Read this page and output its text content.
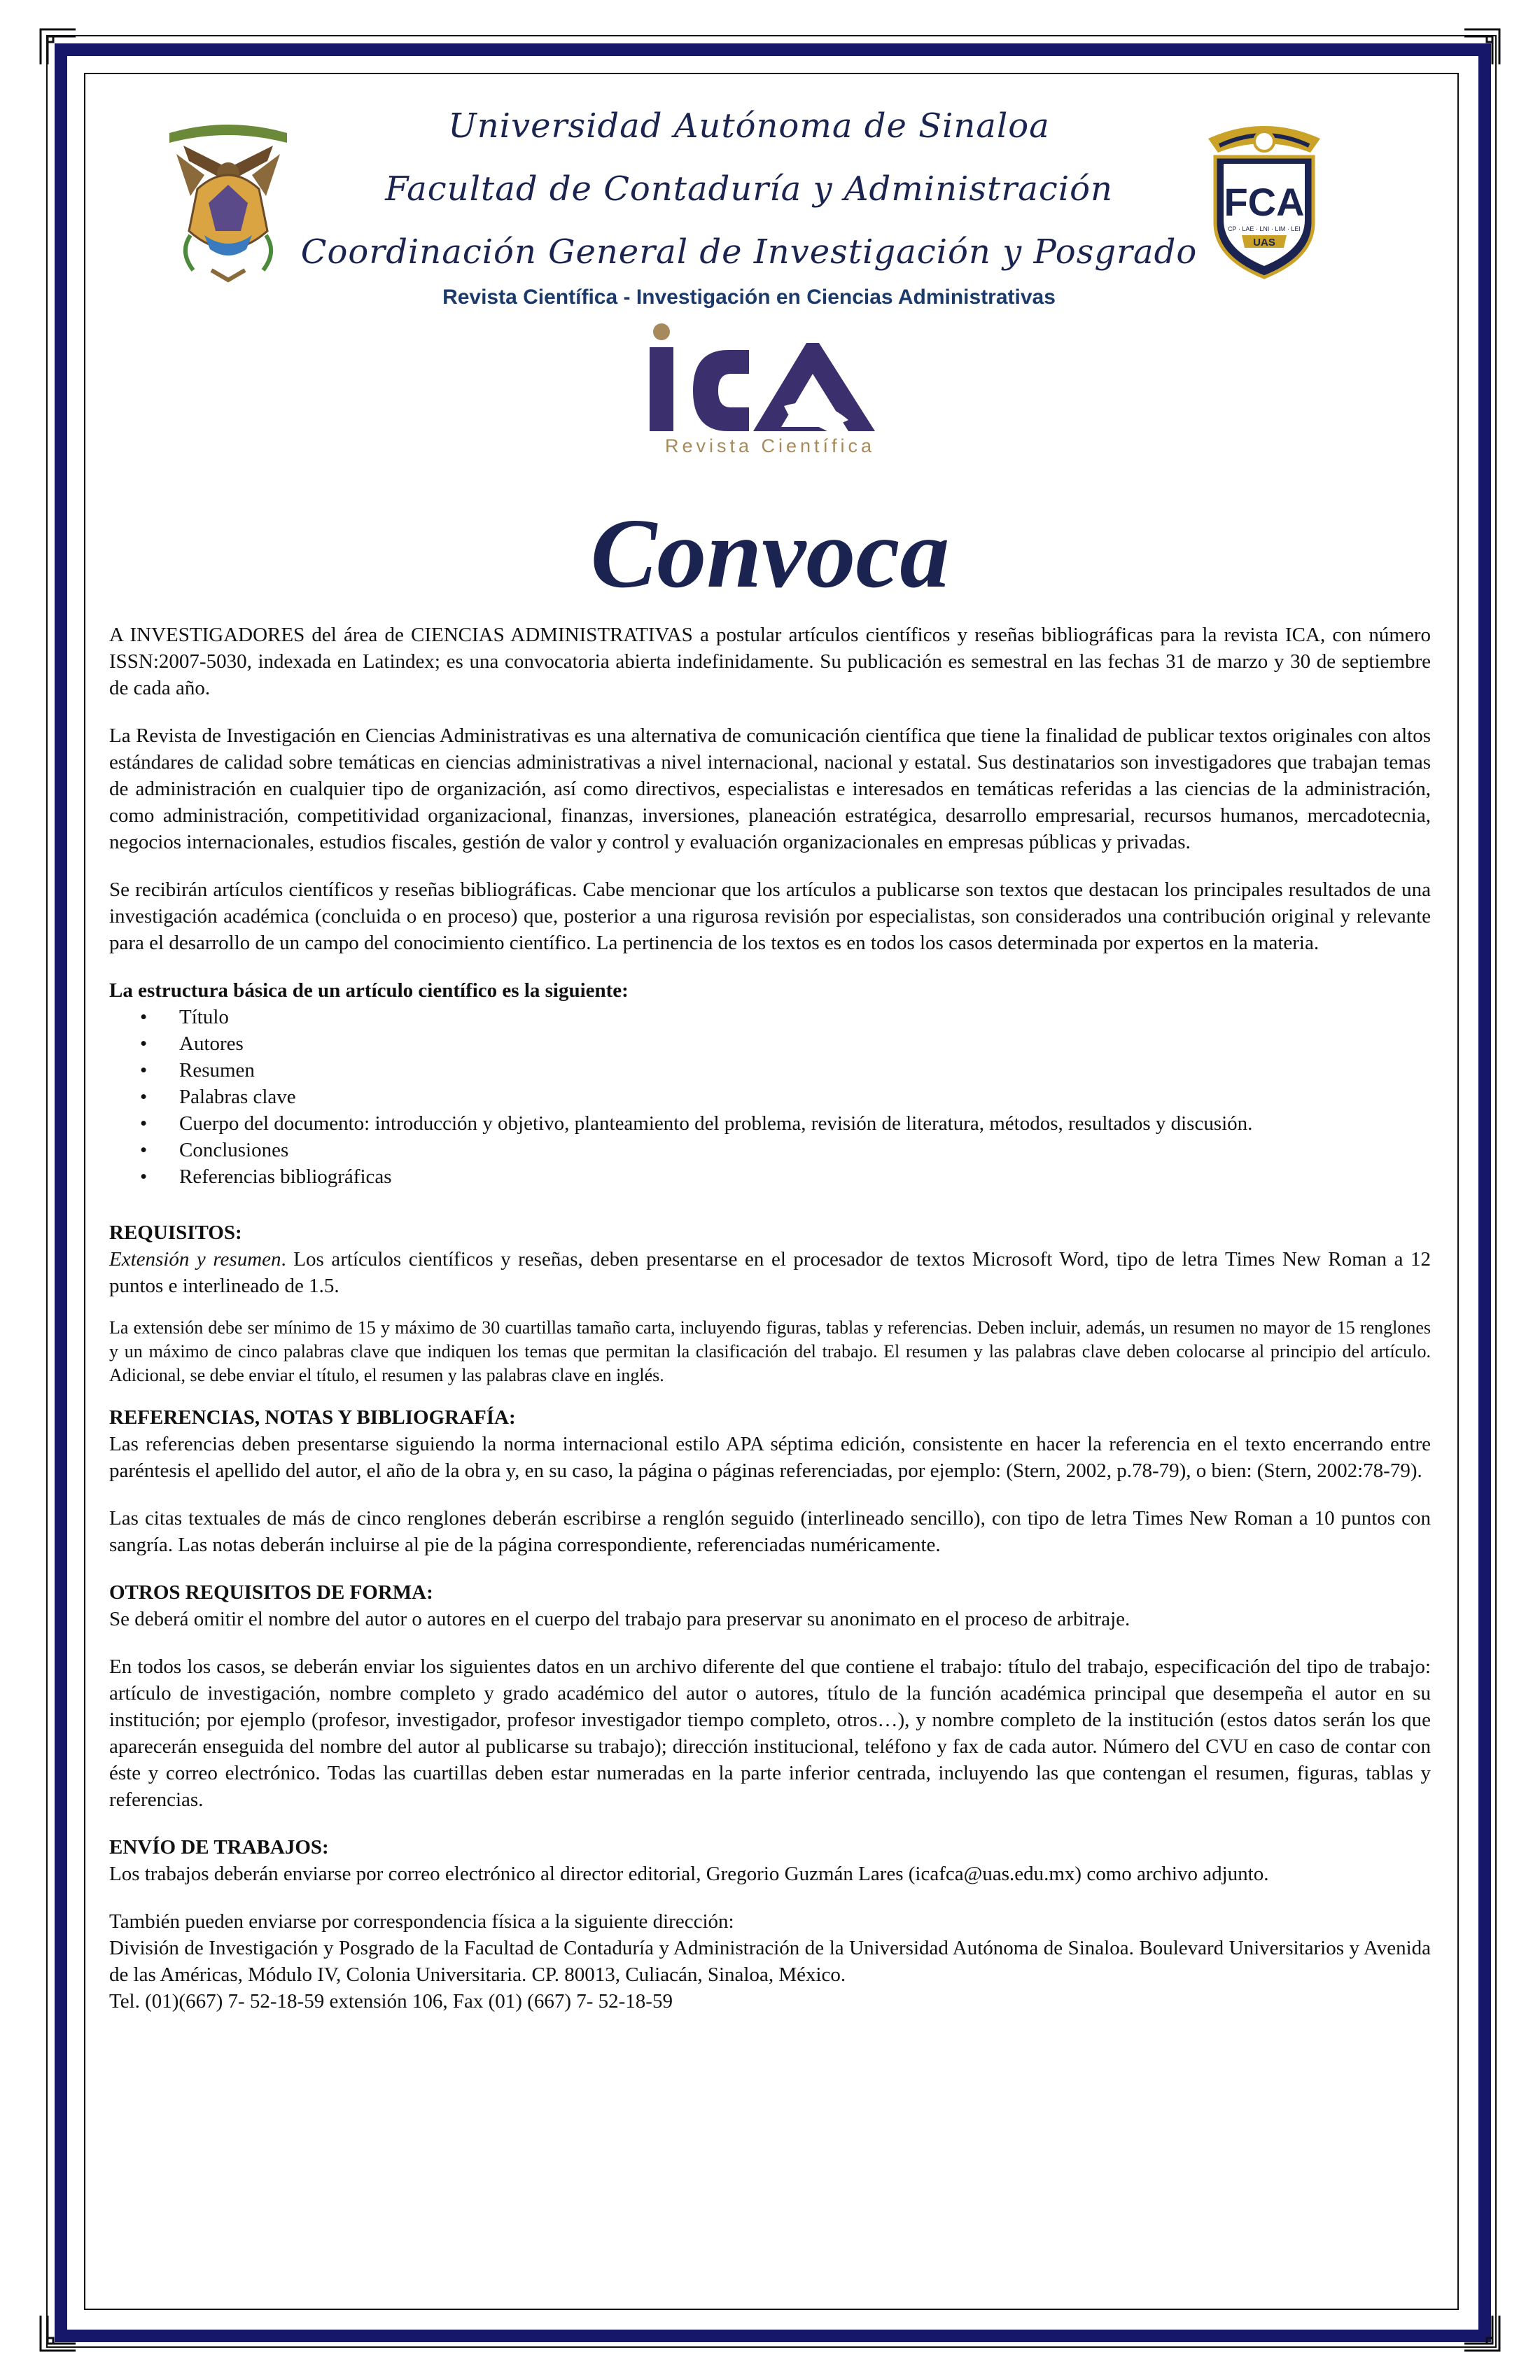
Universidad Autónoma de Sinaloa
Facultad de Contaduría y Administración
Coordinación General de Investigación y Posgrado
Revista Científica - Investigación en Ciencias Administrativas
FCA
CP · LAE · LNI · LIM · LEI
UAS
Revista Científica
Convoca

A INVESTIGADORES del área de CIENCIAS ADMINISTRATIVAS a postular artículos científicos y reseñas bibliográficas para la revista ICA, con número ISSN:2007-5030, indexada en Latindex; es una convocatoria abierta indefinidamente. Su publicación es semestral en las fechas 31 de marzo y 30 de septiembre de cada año.

La Revista de Investigación en Ciencias Administrativas es una alternativa de comunicación científica que tiene la finalidad de publicar textos originales con altos estándares de calidad sobre temáticas en ciencias administrativas a nivel internacional, nacional y estatal. Sus destinatarios son investigadores que trabajan temas de administración en cualquier tipo de organización, así como directivos, especialistas e interesados en temáticas referidas a las ciencias de la administración, como administración, competitividad organizacional, finanzas, inversiones, planeación estratégica, desarrollo empresarial, recursos humanos, mercadotecnia, negocios internacionales, estudios fiscales, gestión de valor y control y evaluación organizacionales en empresas públicas y privadas.

Se recibirán artículos científicos y reseñas bibliográficas. Cabe mencionar que los artículos a publicarse son textos que destacan los principales resultados de una investigación académica (concluida o en proceso) que, posterior a una rigurosa revisión por especialistas, son considerados una contribución original y relevante para el desarrollo de un campo del conocimiento científico. La pertinencia de los textos es en todos los casos determinada por expertos en la materia.

La estructura básica de un artículo científico es la siguiente:

• Título
• Autores
• Resumen
• Palabras clave
• Cuerpo del documento: introducción y objetivo, planteamiento del problema, revisión de literatura, métodos, resultados y discusión.
• Conclusiones
• Referencias bibliográficas

REQUISITOS:

Extensión y resumen. Los artículos científicos y reseñas, deben presentarse en el procesador de textos Microsoft Word, tipo de letra Times New Roman a 12 puntos e interlineado de 1.5.

La extensión debe ser mínimo de 15 y máximo de 30 cuartillas tamaño carta, incluyendo figuras, tablas y referencias. Deben incluir, además, un resumen no mayor de 15 renglones y un máximo de cinco palabras clave que indiquen los temas que permitan la clasificación del trabajo. El resumen y las palabras clave deben colocarse al principio del artículo. Adicional, se debe enviar el título, el resumen y las palabras clave en inglés.

REFERENCIAS, NOTAS Y BIBLIOGRAFÍA:

Las referencias deben presentarse siguiendo la norma internacional estilo APA séptima edición, consistente en hacer la referencia en el texto encerrando entre paréntesis el apellido del autor, el año de la obra y, en su caso, la página o páginas referenciadas, por ejemplo: (Stern, 2002, p.78-79), o bien: (Stern, 2002:78-79).

Las citas textuales de más de cinco renglones deberán escribirse a renglón seguido (interlineado sencillo), con tipo de letra Times New Roman a 10 puntos con sangría. Las notas deberán incluirse al pie de la página correspondiente, referenciadas numéricamente.

OTROS REQUISITOS DE FORMA:

Se deberá omitir el nombre del autor o autores en el cuerpo del trabajo para preservar su anonimato en el proceso de arbitraje.

En todos los casos, se deberán enviar los siguientes datos en un archivo diferente del que contiene el trabajo: título del trabajo, especificación del tipo de trabajo: artículo de investigación, nombre completo y grado académico del autor o autores, título de la función académica principal que desempeña el autor en su institución; por ejemplo (profesor, investigador, profesor investigador tiempo completo, otros…), y nombre completo de la institución (estos datos serán los que aparecerán enseguida del nombre del autor al publicarse su trabajo); dirección institucional, teléfono y fax de cada autor. Número del CVU en caso de contar con éste y correo electrónico. Todas las cuartillas deben estar numeradas en la parte inferior centrada, incluyendo las que contengan el resumen, figuras, tablas y referencias.

ENVÍO DE TRABAJOS:

Los trabajos deberán enviarse por correo electrónico al director editorial, Gregorio Guzmán Lares (icafca@uas.edu.mx) como archivo adjunto.

También pueden enviarse por correspondencia física a la siguiente dirección:

División de Investigación y Posgrado de la Facultad de Contaduría y Administración de la Universidad Autónoma de Sinaloa. Boulevard Universitarios y Avenida de las Américas, Módulo IV, Colonia Universitaria. CP. 80013, Culiacán, Sinaloa, México.

Tel. (01)(667) 7- 52-18-59 extensión 106, Fax (01) (667) 7- 52-18-59
